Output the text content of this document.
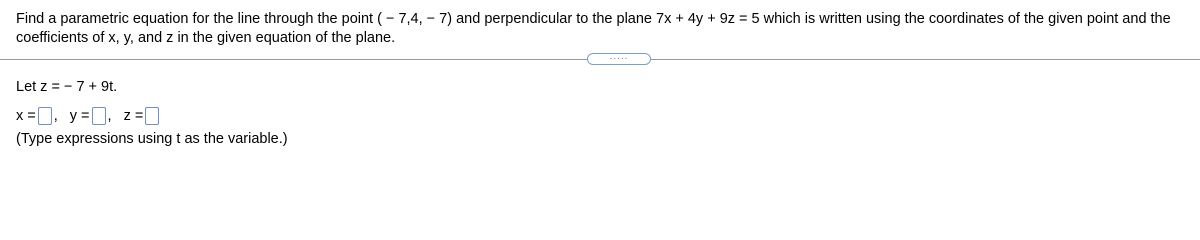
Find a parametric equation for the line through the point ( − 7,4, − 7) and perpendicular to the plane 7x + 4y + 9z = 5 which is written using the coordinates of the given point and the coefficients of x, y, and z in the given equation of the plane.
.....
Let z = − 7 + 9t.
x = , y = , z =
(Type expressions using t as the variable.)
